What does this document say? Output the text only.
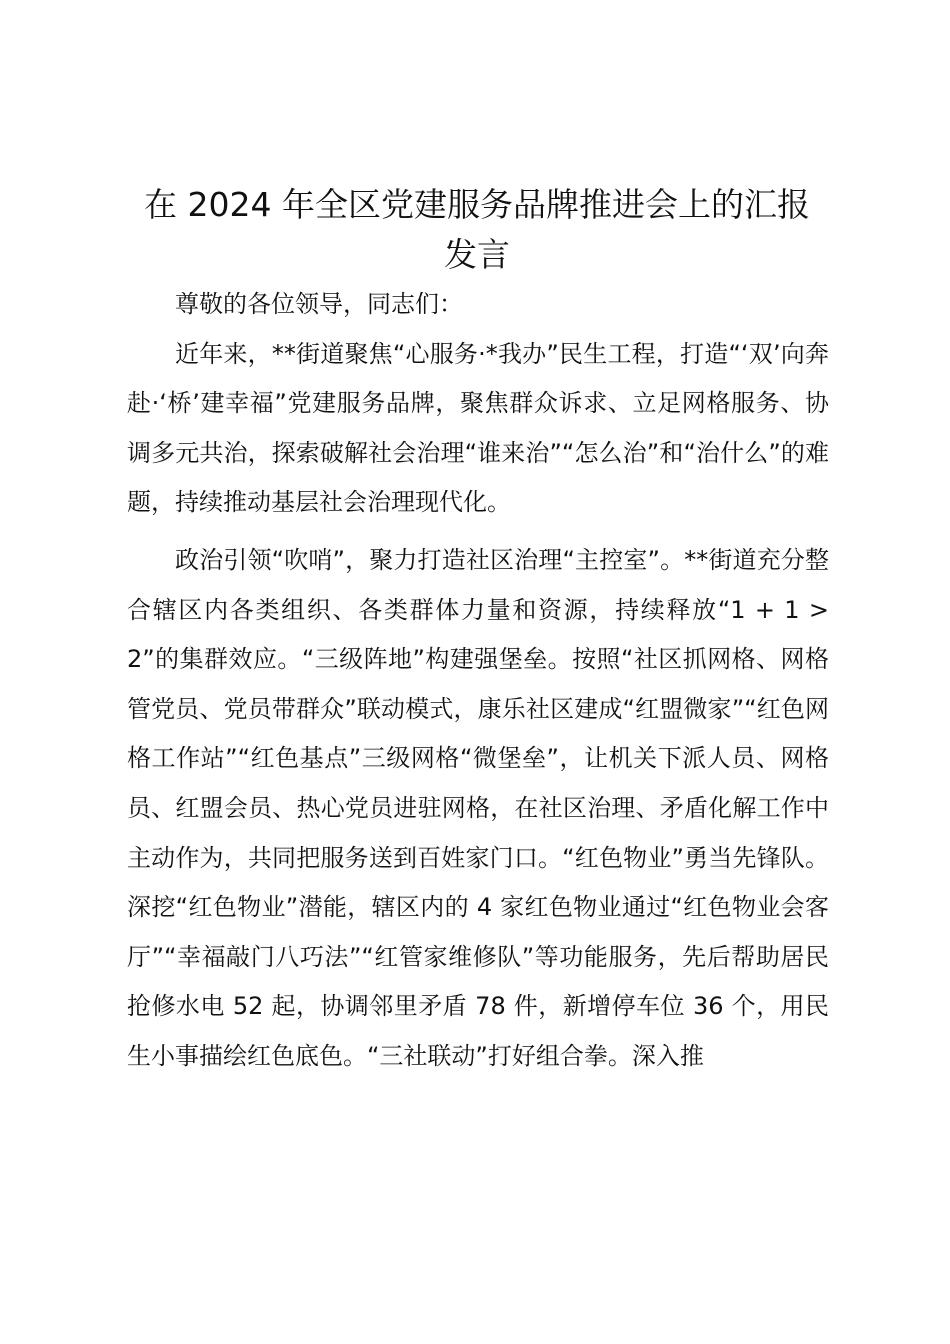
在 2024 年全区党建服务品牌推进会上的汇报
发言

尊敬的各位领导，同志们：

近年来，**街道聚焦“心服务·*我办”民生工程，打造“‘双’向奔赴·‘桥’建幸福”党建服务品牌，聚焦群众诉求、立足网格服务、协调多元共治，探索破解社会治理“谁来治”“怎么治”和“治什么”的难题，持续推动基层社会治理现代化。

政治引领“吹哨”，聚力打造社区治理“主控室”。**街道充分整合辖区内各类组织、各类群体力量和资源，持续释放“1 + 1 > 2”的集群效应。“三级阵地”构建强堡垒。按照“社区抓网格、网格管党员、党员带群众”联动模式，康乐社区建成“红盟微家”“红色网格工作站”“红色基点”三级网格“微堡垒”，让机关下派人员、网格员、红盟会员、热心党员进驻网格，在社区治理、矛盾化解工作中主动作为，共同把服务送到百姓家门口。“红色物业”勇当先锋队。深挖“红色物业”潜能，辖区内的 4 家红色物业通过“红色物业会客厅”“幸福敲门八巧法”“红管家维修队”等功能服务，先后帮助居民抢修水电 52 起，协调邻里矛盾 78 件，新增停车位 36 个，用民生小事描绘红色底色。“三社联动”打好组合拳。深入推
